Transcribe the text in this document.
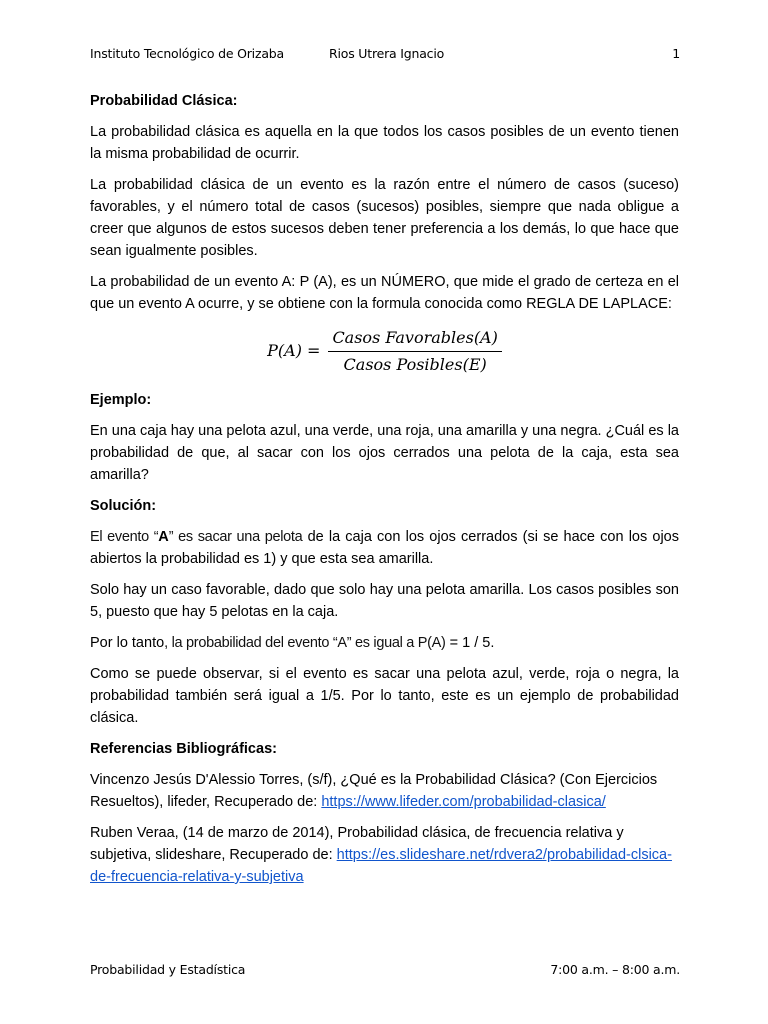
Instituto Tecnológico de Orizaba	Rios Utrera Ignacio	1
Probabilidad Clásica:

La probabilidad clásica es aquella en la que todos los casos posibles de un evento tienen la misma probabilidad de ocurrir.

La probabilidad clásica de un evento es la razón entre el número de casos (suceso) favorables, y el número total de casos (sucesos) posibles, siempre que nada obligue a creer que algunos de estos sucesos deben tener preferencia a los demás, lo que hace que sean igualmente posibles.

La probabilidad de un evento A: P (A), es un NÚMERO, que mide el grado de certeza en el que un evento A ocurre, y se obtiene con la formula conocida como REGLA DE LAPLACE:

$P(A) = \frac{\text{Casos Favorables(A)}}{\text{Casos Posibles(E)}}$
Ejemplo:

En una caja hay una pelota azul, una verde, una roja, una amarilla y una negra. ¿Cuál es la probabilidad de que, al sacar con los ojos cerrados una pelota de la caja, esta sea amarilla?

Solución:

El evento “A” es sacar una pelota de la caja con los ojos cerrados (si se hace con los ojos abiertos la probabilidad es 1) y que esta sea amarilla.

Solo hay un caso favorable, dado que solo hay una pelota amarilla. Los casos posibles son 5, puesto que hay 5 pelotas en la caja.

Por lo tanto, la probabilidad del evento “A” es igual a P(A) = 1 / 5.

Como se puede observar, si el evento es sacar una pelota azul, verde, roja o negra, la probabilidad también será igual a 1/5. Por lo tanto, este es un ejemplo de probabilidad clásica.

Referencias Bibliográficas:

Vincenzo Jesús D'Alessio Torres, (s/f), ¿Qué es la Probabilidad Clásica? (Con Ejercicios Resueltos), lifeder, Recuperado de: https://www.lifeder.com/probabilidad-clasica/

Ruben Veraa, (14 de marzo de 2014), Probabilidad clásica, de frecuencia relativa y subjetiva, slideshare, Recuperado de: https://es.slideshare.net/rdvera2/probabilidad-clsica-de-frecuencia-relativa-y-subjetiva

Probabilidad y Estadística	7:00 a.m. – 8:00 a.m.
